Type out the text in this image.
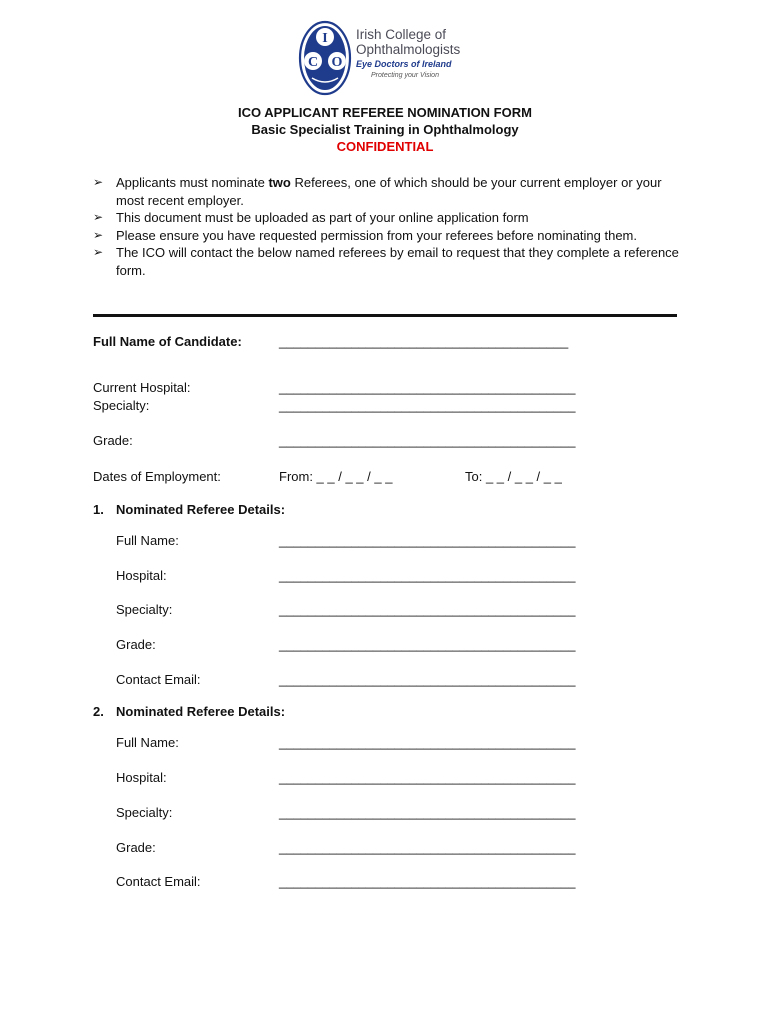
I
C O
Irish College of
Ophthalmologists
Eye Doctors of Ireland
Protecting your Vision
ICO APPLICANT REFEREE NOMINATION FORM
Basic Specialist Training in Ophthalmology
CONFIDENTIAL
➢ Applicants must nominate two Referees, one of which should be your current employer or your most recent employer.
➢ This document must be uploaded as part of your online application form
➢ Please ensure you have requested permission from your referees before nominating them.
➢ The ICO will contact the below named referees by email to request that they complete a reference form.
Full Name of Candidate:	________________________________________
Current Hospital:	_________________________________________
Specialty:	_________________________________________
Grade:	_________________________________________
Dates of Employment:	From: _ _ / _ _ / _ _	To: _ _ / _ _ / _ _
1. Nominated Referee Details:
Full Name:	_________________________________________
Hospital:	_________________________________________
Specialty:	_________________________________________
Grade:	_________________________________________
Contact Email:	_________________________________________
2. Nominated Referee Details:
Full Name:	_________________________________________
Hospital:	_________________________________________
Specialty:	_________________________________________
Grade:	_________________________________________
Contact Email:	_________________________________________
